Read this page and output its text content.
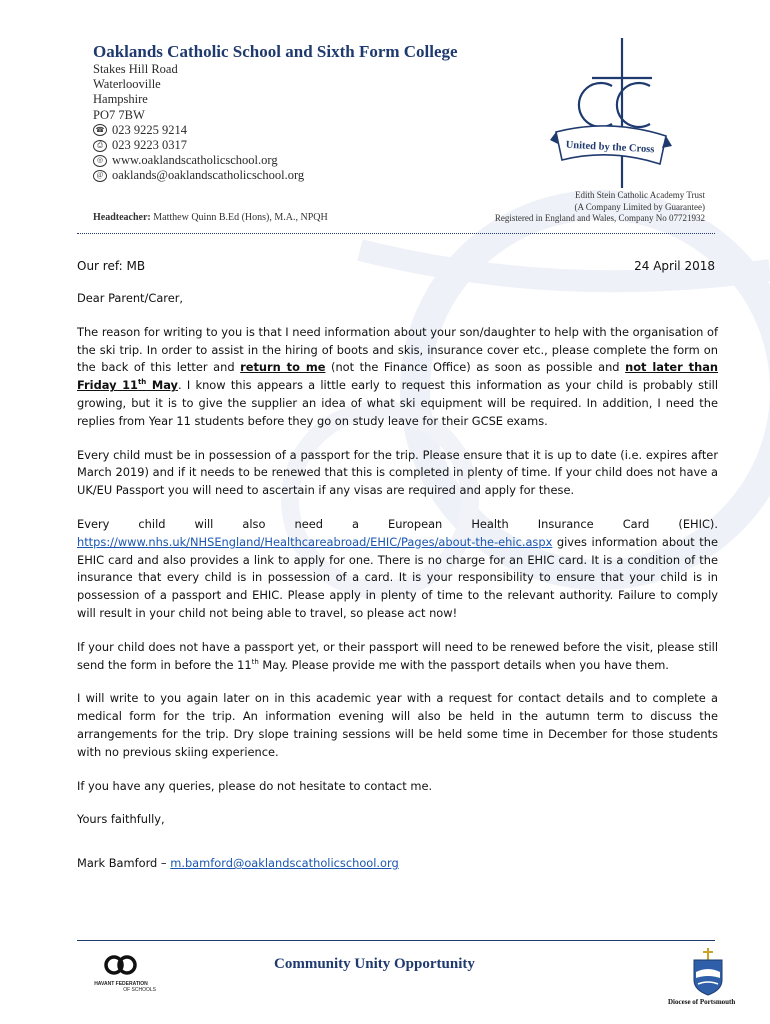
Oaklands Catholic School and Sixth Form College
Stakes Hill Road
Waterlooville
Hampshire
PO7 7BW
☎ 023 9225 9214
⎙ 023 9223 0317
◎ www.oaklandscatholicschool.org
@ oaklands@oaklandscatholicschool.org
Headteacher: Matthew Quinn B.Ed (Hons), M.A., NPQH
Edith Stein Catholic Academy Trust
(A Company Limited by Guarantee)
Registered in England and Wales, Company No 07721932
United by the Cross
Our ref: MB	24 April 2018

Dear Parent/Carer,

The reason for writing to you is that I need information about your son/daughter to help with the organisation of the ski trip. In order to assist in the hiring of boots and skis, insurance cover etc., please complete the form on the back of this letter and return to me (not the Finance Office) as soon as possible and not later than Friday 11th May. I know this appears a little early to request this information as your child is probably still growing, but it is to give the supplier an idea of what ski equipment will be required. In addition, I need the replies from Year 11 students before they go on study leave for their GCSE exams.

Every child must be in possession of a passport for the trip. Please ensure that it is up to date (i.e. expires after March 2019) and if it needs to be renewed that this is completed in plenty of time. If your child does not have a UK/EU Passport you will need to ascertain if any visas are required and apply for these.

Every child will also need a European Health Insurance Card (EHIC). https://www.nhs.uk/NHSEngland/Healthcareabroad/EHIC/Pages/about-the-ehic.aspx gives information about the EHIC card and also provides a link to apply for one. There is no charge for an EHIC card. It is a condition of the insurance that every child is in possession of a card. It is your responsibility to ensure that your child is in possession of a passport and EHIC. Please apply in plenty of time to the relevant authority. Failure to comply will result in your child not being able to travel, so please act now!

If your child does not have a passport yet, or their passport will need to be renewed before the visit, please still send the form in before the 11th May. Please provide me with the passport details when you have them.

I will write to you again later on in this academic year with a request for contact details and to complete a medical form for the trip. An information evening will also be held in the autumn term to discuss the arrangements for the trip. Dry slope training sessions will be held some time in December for those students with no previous skiing experience.

If you have any queries, please do not hesitate to contact me.

Yours faithfully,

Mark Bamford – m.bamford@oaklandscatholicschool.org
HAVANT FEDERATION
OF SCHOOLS
Community Unity Opportunity
Diocese of Portsmouth
